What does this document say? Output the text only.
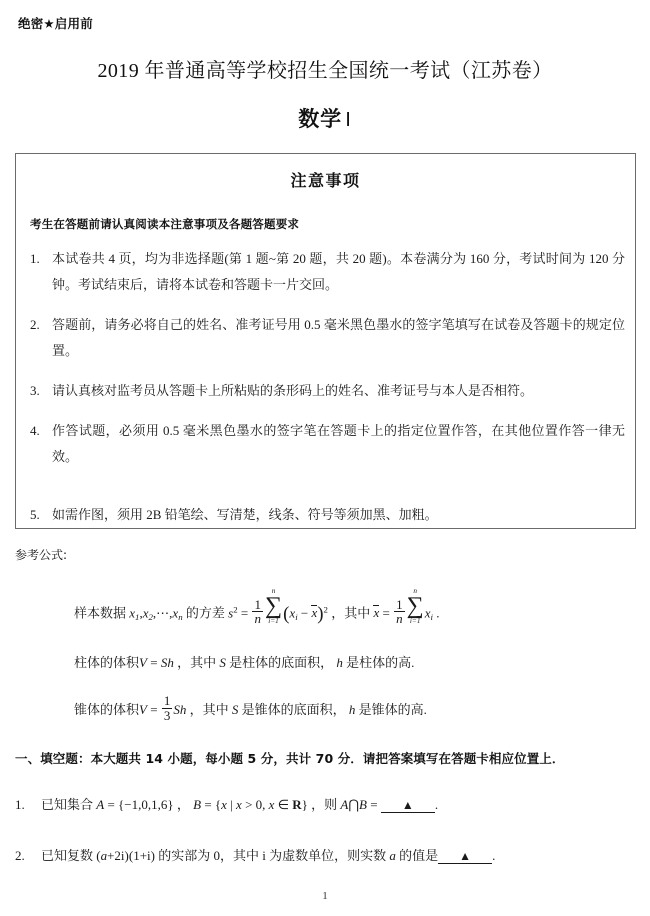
绝密★启用前
2019 年普通高等学校招生全国统一考试（江苏卷）
数学 Ⅰ
注意事项
考生在答题前请认真阅读本注意事项及各题答题要求
1. 本试卷共 4 页，均为非选择题(第 1 题~第 20 题，共 20 题)。本卷满分为 160 分，考试时间为 120 分钟。考试结束后，请将本试卷和答题卡一片交回。
2. 答题前，请务必将自己的姓名、准考证号用 0.5 毫米黑色墨水的签字笔填写在试卷及答题卡的规定位置。
3. 请认真核对监考员从答题卡上所粘贴的条形码上的姓名、准考证号与本人是否相符。
4. 作答试题，必须用 0.5 毫米黑色墨水的签字笔在答题卡上的指定位置作答，在其他位置作答一律无效。
5. 如需作图，须用 2B 铅笔绘、写清楚，线条、符号等须加黑、加粗。
参考公式:
样本数据 $x_1,x_2,\cdots,x_n$ 的方差 $s^2 = \frac{1}{n}$
n
∑
i=1 $(x_i - x)^2$ ，其中 $x = \frac{1}{n}$
n
∑
i=1
$x_i$ .
柱体的体积V = Sh ，其中 S 是柱体的底面积， h 是柱体的高.
锥体的体积$V = \frac{1}{3}$ Sh ，其中 S 是锥体的底面积， h 是锥体的高.
一、填空题：本大题共 14 小题，每小题 5 分，共计 70 分．请把答案填写在答题卡相应位置上．
1. 已知集合 A = {−1,0,1,6} ， B = {x | x > 0, x ∈ R} ，则 A⋂B = ▲ .
2. 已知复数 (a+2i)(1+i) 的实部为 0，其中 i 为虚数单位，则实数 a 的值是 ▲ .
1
